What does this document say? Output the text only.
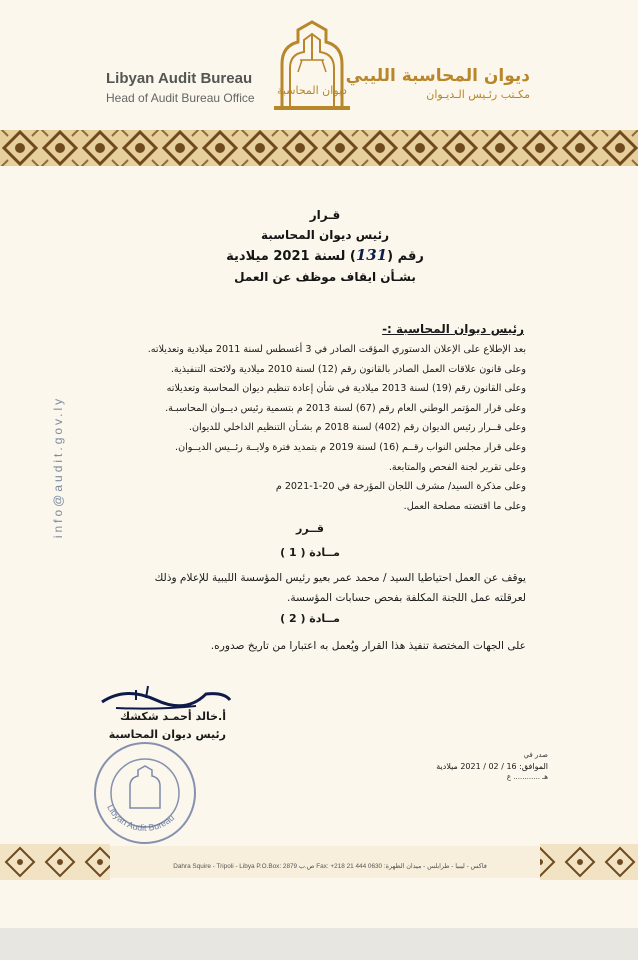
Libyan Audit Bureau
Head of Audit Bureau Office
ديوان المحاسبة
ديوان المحاسبة الليبي
مكـتب رئـيس الـديـوان
info@audit.gov.ly
قـرار
رئيس ديوان المحاسبة
رقم (131) لسنة 2021 ميلادية
بشـأن ايقاف موظف عن العمل
رئيس ديوان المحاسبة :-
بعد الإطلاع على الإعلان الدستوري المؤقت الصادر في 3 أغسطس لسنة 2011 ميلادية وتعديلاته.
وعلى قانون علاقات العمل الصادر بالقانون رقم (12) لسنة 2010 ميلادية ولائحته التنفيذية.
وعلى القانون رقم (19) لسنة 2013 ميلادية في شأن إعادة تنظيم ديوان المحاسبة وتعديلاته
وعلى قرار المؤتمر الوطني العام رقم (67) لسنة 2013 م بتسمية رئيس ديــوان المحاسبـة.
وعلى قــرار رئيس الديوان رقم (402) لسنة 2018 م بشـأن التنظيم الداخلي للديوان.
وعلى قرار مجلس النواب رقــم (16) لسنة 2019 م بتمديد فترة ولايــة رئــيس الديــوان.
وعلى تقرير لجنة الفحص والمتابعة.
وعلى مذكرة السيد/ مشرف اللجان المؤرخة في 20-1-2021 م
وعلى ما اقتضته مصلحة العمل.
قــرر
مــادة ( 1 )
يوقف عن العمل احتياطيا السيد / محمد عمر بعيو رئيس المؤسسة الليبية للإعلام وذلك
لعرقلته عمل اللجنة المكلفة بفحص حسابات المؤسسة.
مــادة ( 2 )
على الجهات المختصة تنفيذ هذا القرار ويُعمل به اعتبارا من تاريخ صدوره.
أ.خالد أحمـد شكشك
رئيس ديوان المحاسبة
Libyan Audit Bureau
صدر في
الموافق: 16 / 02 / 2021 ميلادية
هـ ............ ع
Dahra Squire - Tripoli - Libya P.O.Box: 2879 ص.ب Fax: +218 21 444 0630 :فاكس - ليبيا - طرابلس - ميدان الظهرة
